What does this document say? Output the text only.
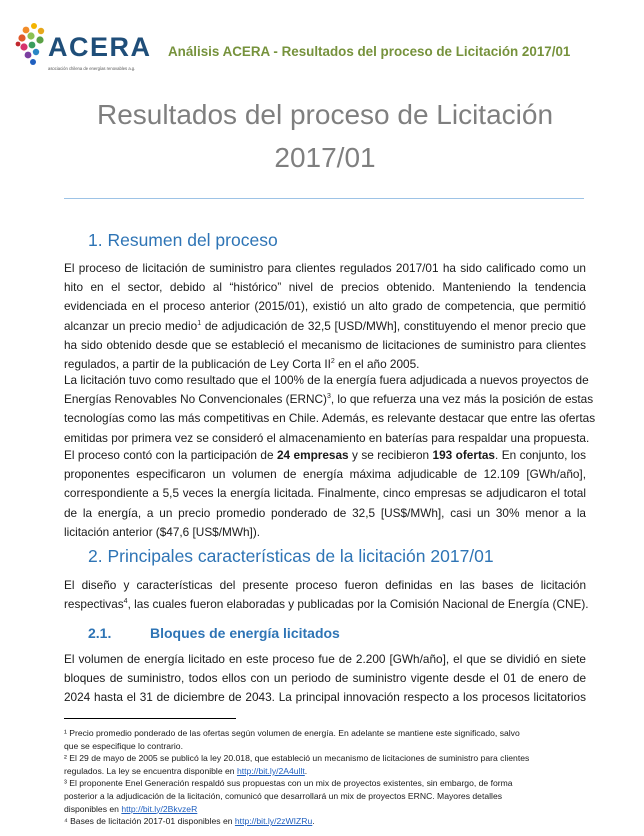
ACERA
asociación chilena de energías renovables a.g.
Análisis ACERA - Resultados del proceso de Licitación 2017/01
Resultados del proceso de Licitación
2017/01
1. Resumen del proceso
El proceso de licitación de suministro para clientes regulados 2017/01 ha sido calificado como un
hito en el sector, debido al “histórico” nivel de precios obtenido. Manteniendo la tendencia
evidenciada en el proceso anterior (2015/01), existió un alto grado de competencia, que permitió
alcanzar un precio medio$^1$ de adjudicación de 32,5 [USD/MWh], constituyendo el menor precio que
ha sido obtenido desde que se estableció el mecanismo de licitaciones de suministro para clientes
regulados, a partir de la publicación de Ley Corta $II^2$ en el año 2005.
La licitación tuvo como resultado que el 100% de la energía fuera adjudicada a nuevos proyectos de
Energías Renovables No Convencionales (ERNC)$^3$, lo que refuerza una vez más la posición de estas
tecnologías como las más competitivas en Chile. Además, es relevante destacar que entre las ofertas
emitidas por primera vez se consideró el almacenamiento en baterías para respaldar una propuesta.
El proceso contó con la participación de 24 empresas y se recibieron 193 ofertas. En conjunto, los
proponentes especificaron un volumen de energía máxima adjudicable de 12.109 [GWh/año],
correspondiente a 5,5 veces la energía licitada. Finalmente, cinco empresas se adjudicaron el total
de la energía, a un precio promedio ponderado de 32,5 [US$/MWh], casi un 30% menor a la
licitación anterior ($47,6 [US$/MWh]).
2. Principales características de la licitación 2017/01
El diseño y características del presente proceso fueron definidas en las bases de licitación
respectivas$^4$, las cuales fueron elaboradas y publicadas por la Comisión Nacional de Energía (CNE).
2.1.	Bloques de energía licitados
El volumen de energía licitado en este proceso fue de 2.200 [GWh/año], el que se dividió en siete
bloques de suministro, todos ellos con un periodo de suministro vigente desde el 01 de enero de
2024 hasta el 31 de diciembre de 2043. La principal innovación respecto a los procesos licitatorios
¹ Precio promedio ponderado de las ofertas según volumen de energía. En adelante se mantiene este significado, salvo
que se especifique lo contrario.
² El 29 de mayo de 2005 se publicó la ley 20.018, que estableció un mecanismo de licitaciones de suministro para clientes
regulados. La ley se encuentra disponible en http://bit.ly/2A4ullt.
³ El proponente Enel Generación respaldó sus propuestas con un mix de proyectos existentes, sin embargo, de forma
posterior a la adjudicación de la licitación, comunicó que desarrollará un mix de proyectos ERNC. Mayores detalles
disponibles en http://bit.ly/2BkvzeR
⁴ Bases de licitación 2017-01 disponibles en http://bit.ly/2zWIZRu.
